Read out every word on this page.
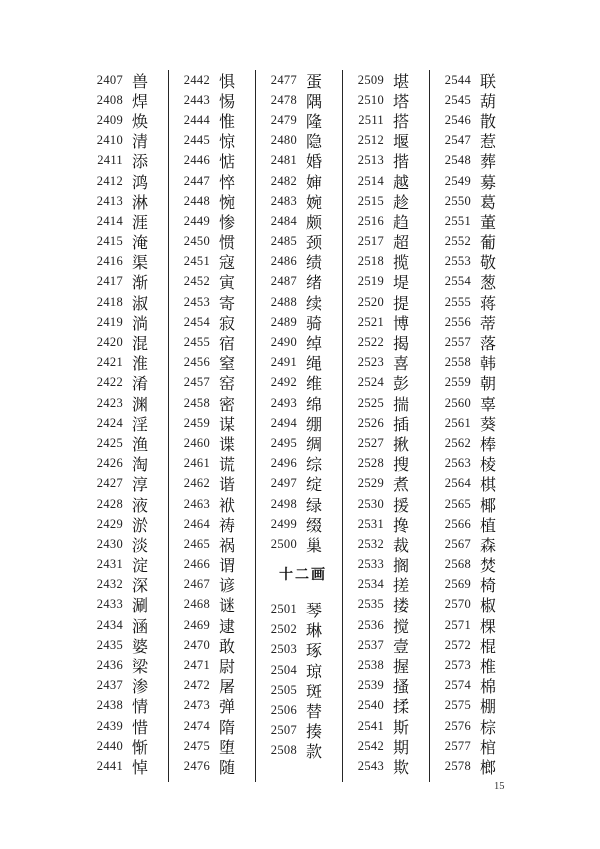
2407 兽
2408 焊
2409 焕
2410 清
2411 添
2412 鸿
2413 淋
2414 涯
2415 淹
2416 渠
2417 渐
2418 淑
2419 淌
2420 混
2421 淮
2422 淆
2423 渊
2424 淫
2425 渔
2426 淘
2427 淳
2428 液
2429 淤
2430 淡
2431 淀
2432 深
2433 涮
2434 涵
2435 婆
2436 梁
2437 渗
2438 情
2439 惜
2440 惭
2441 悼
2442 惧
2443 惕
2444 惟
2445 惊
2446 惦
2447 悴
2448 惋
2449 惨
2450 惯
2451 寇
2452 寅
2453 寄
2454 寂
2455 宿
2456 窒
2457 窑
2458 密
2459 谋
2460 谍
2461 谎
2462 谐
2463 袱
2464 祷
2465 祸
2466 谓
2467 谚
2468 谜
2469 逮
2470 敢
2471 尉
2472 屠
2473 弹
2474 隋
2475 堕
2476 随
2477 蛋
2478 隅
2479 隆
2480 隐
2481 婚
2482 婶
2483 婉
2484 颇
2485 颈
2486 绩
2487 绪
2488 续
2489 骑
2490 绰
2491 绳
2492 维
2493 绵
2494 绷
2495 绸
2496 综
2497 绽
2498 绿
2499 缀
2500 巢
十二画
2501 琴
2502 琳
2503 琢
2504 琼
2505 斑
2506 替
2507 揍
2508 款
2509 堪
2510 塔
2511 搭
2512 堰
2513 揩
2514 越
2515 趁
2516 趋
2517 超
2518 揽
2519 堤
2520 提
2521 博
2522 揭
2523 喜
2524 彭
2525 揣
2526 插
2527 揪
2528 搜
2529 煮
2530 援
2531 搀
2532 裁
2533 搁
2534 搓
2535 搂
2536 搅
2537 壹
2538 握
2539 搔
2540 揉
2541 斯
2542 期
2543 欺
2544 联
2545 葫
2546 散
2547 惹
2548 葬
2549 募
2550 葛
2551 董
2552 葡
2553 敬
2554 葱
2555 蒋
2556 蒂
2557 落
2558 韩
2559 朝
2560 辜
2561 葵
2562 棒
2563 棱
2564 棋
2565 椰
2566 植
2567 森
2568 焚
2569 椅
2570 椒
2571 棵
2572 棍
2573 椎
2574 棉
2575 棚
2576 棕
2577 棺
2578 榔
15
